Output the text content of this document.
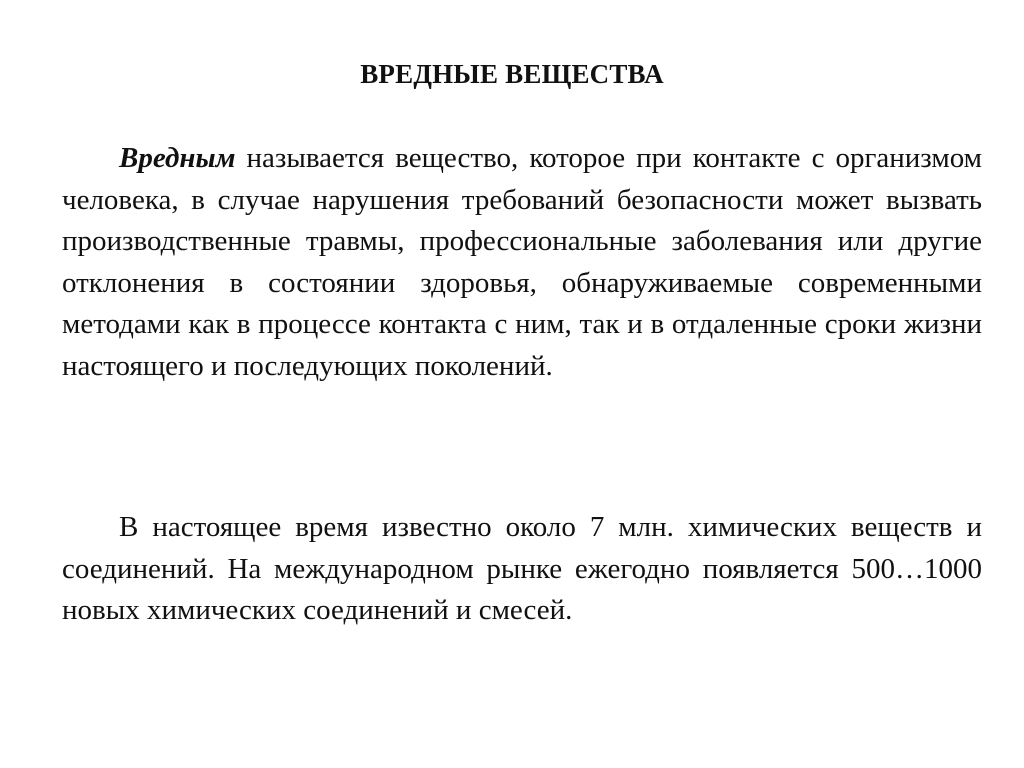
ВРЕДНЫЕ ВЕЩЕСТВА

Вредным называется вещество, которое при контакте с организмом человека, в случае нарушения требований безопасности может вызвать производственные травмы, профессиональные заболевания или другие отклонения в состоянии здоровья, обнаруживаемые современными методами как в процессе контакта с ним, так и в отдаленные сроки жизни настоящего и последующих поколений.

В настоящее время известно около 7 млн. химических веществ и соединений. На международном рынке ежегодно появляется 500…1000 новых химических соединений и смесей.
